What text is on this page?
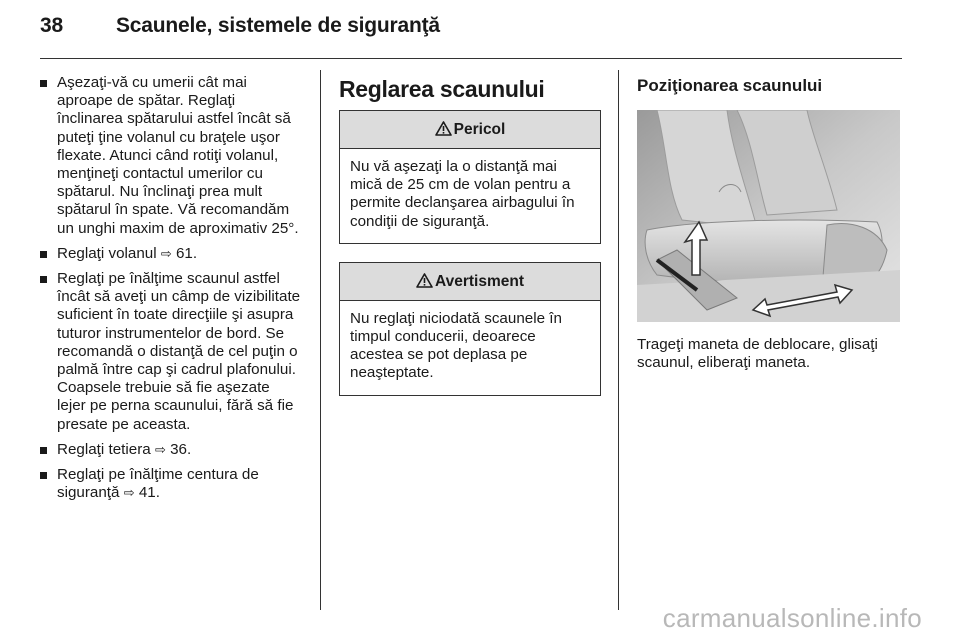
38	Scaunele, sistemele de siguranţă
Aşezaţi-vă cu umerii cât mai aproape de spătar. Reglaţi înclinarea spătarului astfel încât să puteţi ţine volanul cu braţele uşor flexate. Atunci când rotiţi volanul, menţineţi contactul umerilor cu spătarul. Nu înclinaţi prea mult spătarul în spate. Vă recomandăm un unghi maxim de aproximativ 25°.
Reglaţi volanul ⇨ 61.
Reglaţi pe înălţime scaunul astfel încât să aveţi un câmp de vizibilitate suficient în toate direcţiile şi asupra tuturor instrumentelor de bord. Se recomandă o distanţă de cel puţin o palmă între cap şi cadrul plafonului. Coapsele trebuie să fie aşezate lejer pe perna scaunului, fără să fie presate pe aceasta.
Reglaţi tetiera ⇨ 36.
Reglaţi pe înălţime centura de siguranţă ⇨ 41.
Reglarea scaunului
Pericol
Nu vă aşezaţi la o distanţă mai mică de 25 cm de volan pentru a permite declanşarea airbagului în condiţii de siguranţă.
Avertisment
Nu reglaţi niciodată scaunele în timpul conducerii, deoarece acestea se pot deplasa pe neaşteptate.
Poziţionarea scaunului
Trageţi maneta de deblocare, glisaţi scaunul, eliberaţi maneta.
carmanualsonline.info
